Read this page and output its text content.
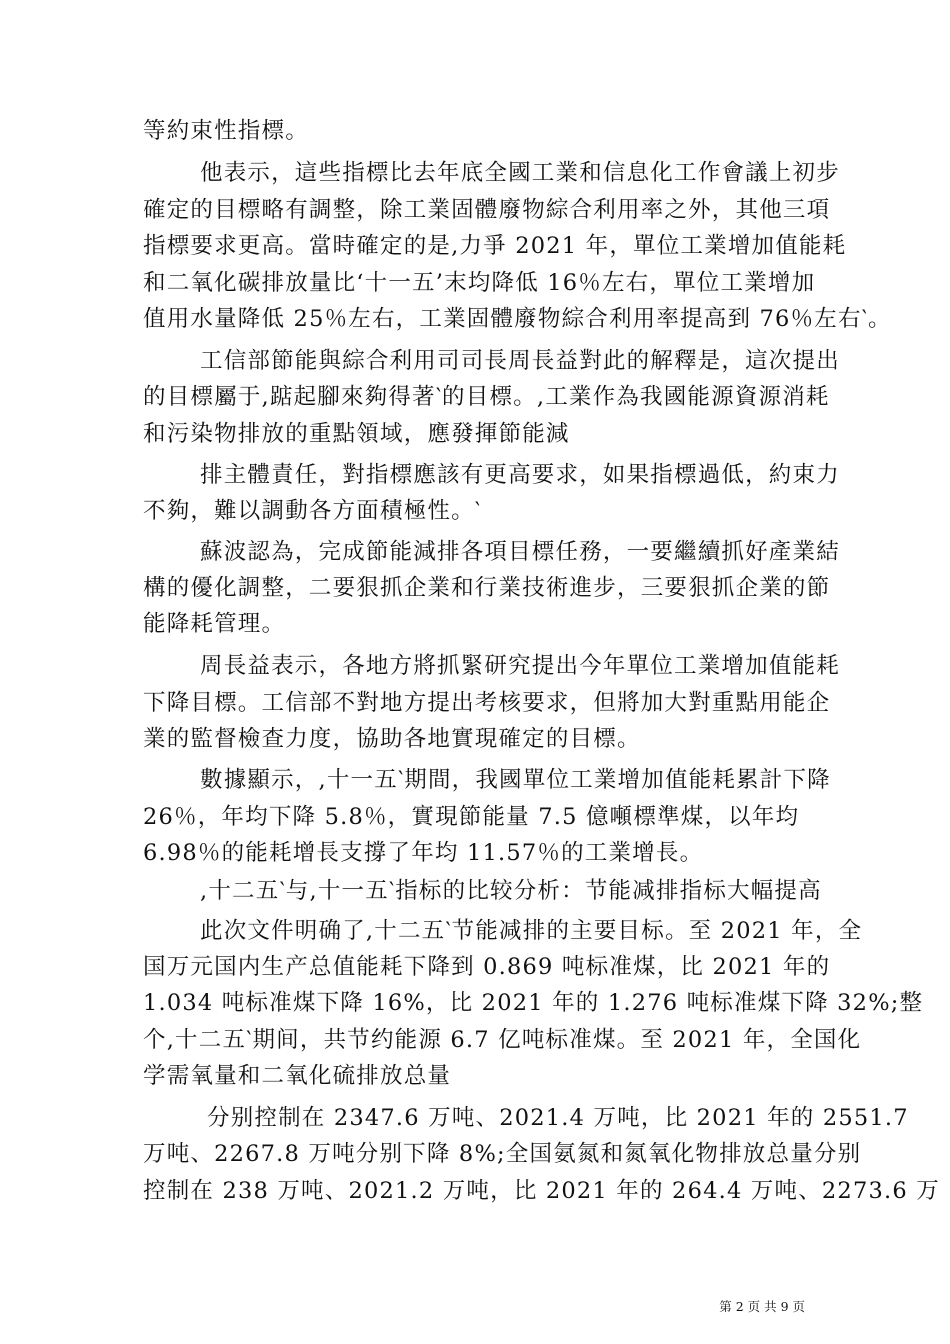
等約束性指標。
他表示，這些指標比去年底全國工業和信息化工作會議上初步
確定的目標略有調整，除工業固體廢物綜合利用率之外，其他三項
指標要求更高。當時確定的是,力爭 2021 年，單位工業增加值能耗
和二氧化碳排放量比‘十一五’末均降低 16％左右，單位工業增加
值用水量降低 25％左右，工業固體廢物綜合利用率提高到 76％左右‵。
工信部節能與綜合利用司司長周長益對此的解釋是，這次提出
的目標屬于,踮起腳來夠得著‵的目標。,工業作為我國能源資源消耗
和污染物排放的重點領域，應發揮節能減
排主體責任，對指標應該有更高要求，如果指標過低，約束力
不夠，難以調動各方面積極性。‵
蘇波認為，完成節能減排各項目標任務，一要繼續抓好產業結
構的優化調整，二要狠抓企業和行業技術進步，三要狠抓企業的節
能降耗管理。
周長益表示，各地方將抓緊研究提出今年單位工業增加值能耗
下降目標。工信部不對地方提出考核要求，但將加大對重點用能企
業的監督檢查力度，協助各地實現確定的目標。
數據顯示，,十一五‵期間，我國單位工業增加值能耗累計下降
26％，年均下降 5.8％，實現節能量 7.5 億噸標準煤，以年均
6.98％的能耗增長支撐了年均 11.57％的工業增長。
,十二五‵与,十一五‵指标的比较分析：节能减排指标大幅提高
此次文件明确了,十二五‵节能减排的主要目标。至 2021 年，全
国万元国内生产总值能耗下降到 0.869 吨标准煤，比 2021 年的
1.034 吨标准煤下降 16%，比 2021 年的 1.276 吨标准煤下降 32%;整
个,十二五‵期间，共节约能源 6.7 亿吨标准煤。至 2021 年，全国化
学需氧量和二氧化硫排放总量
分别控制在 2347.6 万吨、2021.4 万吨，比 2021 年的 2551.7
万吨、2267.8 万吨分别下降 8%;全国氨氮和氮氧化物排放总量分别
控制在 238 万吨、2021.2 万吨，比 2021 年的 264.4 万吨、2273.6 万
第 2 页 共 9 页
